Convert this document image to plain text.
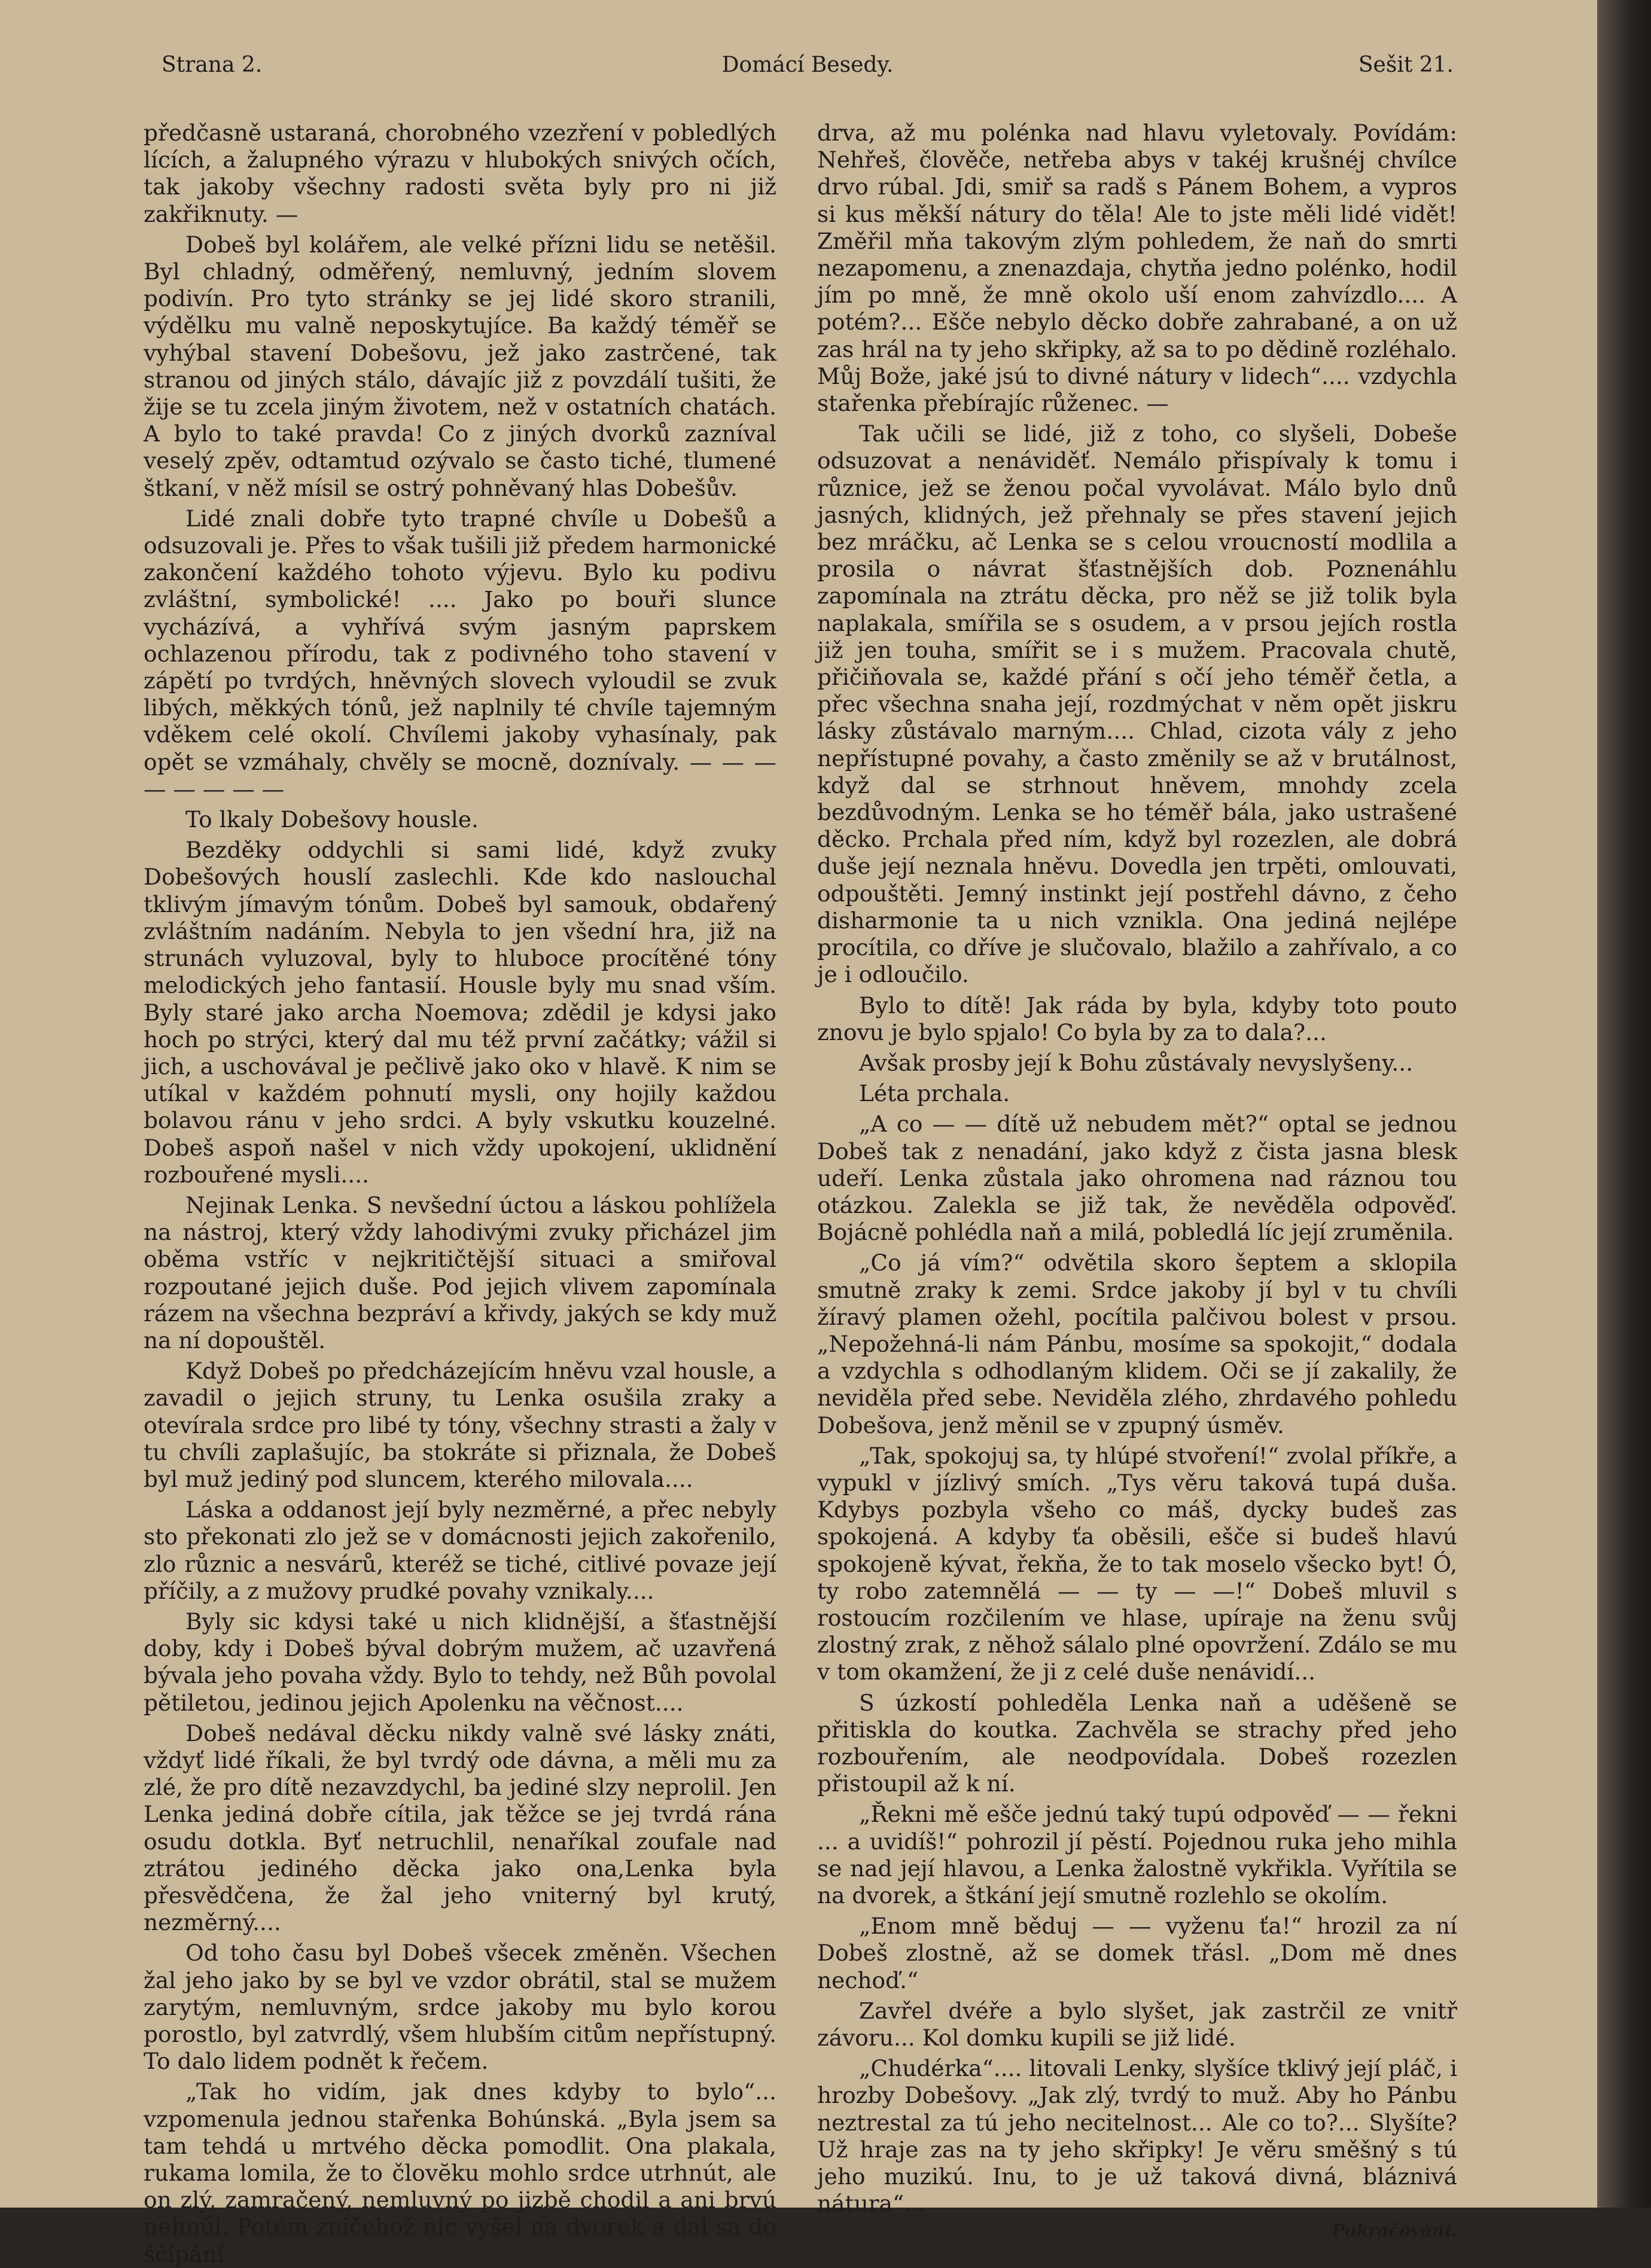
Strana 2.	Domácí Besedy.	Sešit 21.

předčasně ustaraná, chorobného vzezření v pobledlých lících, a žalupného výrazu v hlubokých snivých očích, tak jakoby všechny radosti světa byly pro ni již zakřiknuty. —

Dobeš byl kolářem, ale velké přízni lidu se netěšil. Byl chladný, odměřený, nemluvný, jedním slovem podivín. Pro tyto stránky se jej lidé skoro stranili, výdělku mu valně neposkytujíce. Ba každý téměř se vyhýbal stavení Dobešovu, jež jako zastrčené, tak stranou od jiných stálo, dávajíc již z povzdálí tušiti, že žije se tu zcela jiným životem, než v ostatních chatách. A bylo to také pravda! Co z jiných dvorků zazníval veselý zpěv, odtamtud ozývalo se často tiché, tlumené štkaní, v něž mísil se ostrý pohněvaný hlas Dobešův.

Lidé znali dobře tyto trapné chvíle u Dobešů a odsuzovali je. Přes to však tušili již předem harmonické zakončení každého tohoto výjevu. Bylo ku podivu zvláštní, symbolické! .... Jako po bouři slunce vycházívá, a vyhřívá svým jasným paprskem ochlazenou přírodu, tak z podivného toho stavení v zápětí po tvrdých, hněvných slovech vyloudil se zvuk libých, měkkých tónů, jež naplnily té chvíle tajemným vděkem celé okolí. Chvílemi jakoby vyhasínaly, pak opět se vzmáhaly, chvěly se mocně, doznívaly. — — — — — — — —

To lkaly Dobešovy housle.

Bezděky oddychli si sami lidé, když zvuky Dobešových houslí zaslechli. Kde kdo naslouchal tklivým jímavým tónům. Dobeš byl samouk, obdařený zvláštním nadáním. Nebyla to jen všední hra, již na strunách vyluzoval, byly to hluboce procítěné tóny melodických jeho fantasií. Housle byly mu snad vším. Byly staré jako archa Noemova; zdědil je kdysi jako hoch po strýci, který dal mu též první začátky; vážil si jich, a uschovával je pečlivě jako oko v hlavě. K nim se utíkal v každém pohnutí mysli, ony hojily každou bolavou ránu v jeho srdci. A byly vskutku kouzelné. Dobeš aspoň našel v nich vždy upokojení, uklidnění rozbouřené mysli....

Nejinak Lenka. S nevšední úctou a láskou pohlížela na nástroj, který vždy lahodivými zvuky přicházel jim oběma vstříc v nejkritičtější situaci a smiřoval rozpoutané jejich duše. Pod jejich vlivem zapomínala rázem na všechna bezpráví a křivdy, jakých se kdy muž na ní dopouštěl.

Když Dobeš po předcházejícím hněvu vzal housle, a zavadil o jejich struny, tu Lenka osušila zraky a otevírala srdce pro libé ty tóny, všechny strasti a žaly v tu chvíli zaplašujíc, ba stokráte si přiznala, že Dobeš byl muž jediný pod sluncem, kterého milovala....

Láska a oddanost její byly nezměrné, a přec nebyly sto překonati zlo jež se v domácnosti jejich zakořenilo, zlo různic a nesvárů, kteréž se tiché, citlivé povaze její příčily, a z mužovy prudké povahy vznikaly....

Byly sic kdysi také u nich klidnější, a šťastnější doby, kdy i Dobeš býval dobrým mužem, ač uzavřená bývala jeho povaha vždy. Bylo to tehdy, než Bůh povolal pětiletou, jedinou jejich Apolenku na věčnost....

Dobeš nedával děcku nikdy valně své lásky znáti, vždyť lidé říkali, že byl tvrdý ode dávna, a měli mu za zlé, že pro dítě nezavzdychl, ba jediné slzy neprolil. Jen Lenka jediná dobře cítila, jak těžce se jej tvrdá rána osudu dotkla. Byť netruchlil, nenaříkal zoufale nad ztrátou jediného děcka jako ona,Lenka byla přesvědčena, že žal jeho vniterný byl krutý, nezměrný....

Od toho času byl Dobeš všecek změněn. Všechen žal jeho jako by se byl ve vzdor obrátil, stal se mužem zarytým, nemluvným, srdce jakoby mu bylo korou porostlo, byl zatvrdlý, všem hlubším citům nepřístupný. To dalo lidem podnět k řečem.

„Tak ho vidím, jak dnes kdyby to bylo“... vzpomenula jednou stařenka Bohúnská. „Byla jsem sa tam tehdá u mrtvého děcka pomodlit. Ona plakala, rukama lomila, že to človĕku mohlo srdce utrhnút, ale on zlý, zamračený, nemluvný po jizbě chodil a ani brvú nehnúl. Potém zničehož nic vyšel na dvorek a dal sa do ščípání

drva, až mu polénka nad hlavu vyletovaly. Povídám: Nehřeš, člověče, netřeba abys v takéj krušnéj chvílce drvo rúbal. Jdi, smiř sa radš s Pánem Bohem, a vypros si kus měkší nátury do těla! Ale to jste měli lidé vidět! Změřil mňa takovým zlým pohledem, že naň do smrti nezapomenu, a znenazdaja, chytňa jedno polénko, hodil jím po mně, že mně okolo uší enom zahvízdlo.... A potém?... Ešče nebylo děcko dobře zahrabané, a on už zas hrál na ty jeho skřipky, až sa to po dědině rozléhalo. Můj Bože, jaké jsú to divné nátury v lidech“.... vzdychla stařenka přebírajíc růženec. —

Tak učili se lidé, již z toho, co slyšeli, Dobeše odsuzovat a nenáviděť. Nemálo přispívaly k tomu i různice, jež se ženou počal vyvolávat. Málo bylo dnů jasných, klidných, jež přehnaly se přes stavení jejich bez mráčku, ač Lenka se s celou vroucností modlila a prosila o návrat šťastnějších dob. Poznenáhlu zapomínala na ztrátu děcka, pro něž se již tolik byla naplakala, smířila se s osudem, a v prsou jejích rostla již jen touha, smířit se i s mužem. Pracovala chutě, přičiňovala se, každé přání s očí jeho téměř četla, a přec všechna snaha její, rozdmýchat v něm opět jiskru lásky zůstávalo marným.... Chlad, cizota vály z jeho nepřístupné povahy, a často změnily se až v brutálnost, když dal se strhnout hněvem, mnohdy zcela bezdůvodným. Lenka se ho téměř bála, jako ustrašené děcko. Prchala před ním, když byl rozezlen, ale dobrá duše její neznala hněvu. Dovedla jen trpěti, omlouvati, odpouštěti. Jemný instinkt její postřehl dávno, z čeho disharmonie ta u nich vznikla. Ona jediná nejlépe procítila, co dříve je slučovalo, blažilo a zahřívalo, a co je i odloučilo.

Bylo to dítě! Jak ráda by byla, kdyby toto pouto znovu je bylo spjalo! Co byla by za to dala?...

Avšak prosby její k Bohu zůstávaly nevyslyšeny...

Léta prchala.

„A co — — dítě už nebudem mět?“ optal se jednou Dobeš tak z nenadání, jako když z čista jasna blesk udeří. Lenka zůstala jako ohromena nad ráznou tou otázkou. Zalekla se již tak, že nevěděla odpověď. Bojácně pohlédla naň a milá, pobledlá líc její zruměnila.

„Co já vím?“ odvětila skoro šeptem a sklopila smutně zraky k zemi. Srdce jakoby jí byl v tu chvíli žíravý plamen ožehl, pocítila palčivou bolest v prsou. „Nepožehná-li nám Pánbu, mosíme sa spokojit,“ dodala a vzdychla s odhodlaným klidem. Oči se jí zakalily, že neviděla před sebe. Neviděla zlého, zhrdavého pohledu Dobešova, jenž měnil se v zpupný úsměv.

„Tak, spokojuj sa, ty hlúpé stvoření!“ zvolal příkře, a vypukl v jízlivý smích. „Tys věru taková tupá duša. Kdybys pozbyla všeho co máš, dycky budeš zas spokojená. A kdyby ťa oběsili, ešče si budeš hlavú spokojeně kývat, řekňa, že to tak moselo všecko byt! Ó, ty robo zatemnělá — — ty — —!“ Dobeš mluvil s rostoucím rozčilením ve hlase, upíraje na ženu svůj zlostný zrak, z něhož sálalo plné opovržení. Zdálo se mu v tom okamžení, že ji z celé duše nenávidí...

S úzkostí pohleděla Lenka naň a uděšeně se přitiskla do koutka. Zachvěla se strachy před jeho rozbouřením, ale neodpovídala. Dobeš rozezlen přistoupil až k ní.

„Řekni mě ešče jednú taký tupú odpověď — — řekni ... a uvidíš!“ pohrozil jí pěstí. Pojednou ruka jeho mihla se nad její hlavou, a Lenka žalostně vykřikla. Vyřítila se na dvorek, a štkání její smutně rozlehlo se okolím.

„Enom mně běduj — — vyženu ťa!“ hrozil za ní Dobeš zlostně, až se domek třásl. „Dom mě dnes nechoď.“

Zavřel dvéře a bylo slyšet, jak zastrčil ze vnitř závoru... Kol domku kupili se již lidé.

„Chudérka“.... litovali Lenky, slyšíce tklivý její pláč, i hrozby Dobešovy. „Jak zlý, tvrdý to muž. Aby ho Pánbu neztrestal za tú jeho necitelnost... Ale co to?... Slyšíte? Už hraje zas na ty jeho skřipky! Je věru směšný s tú jeho muzikú. Inu, to je už taková divná, bláznivá nátura“...

Pokračování.
